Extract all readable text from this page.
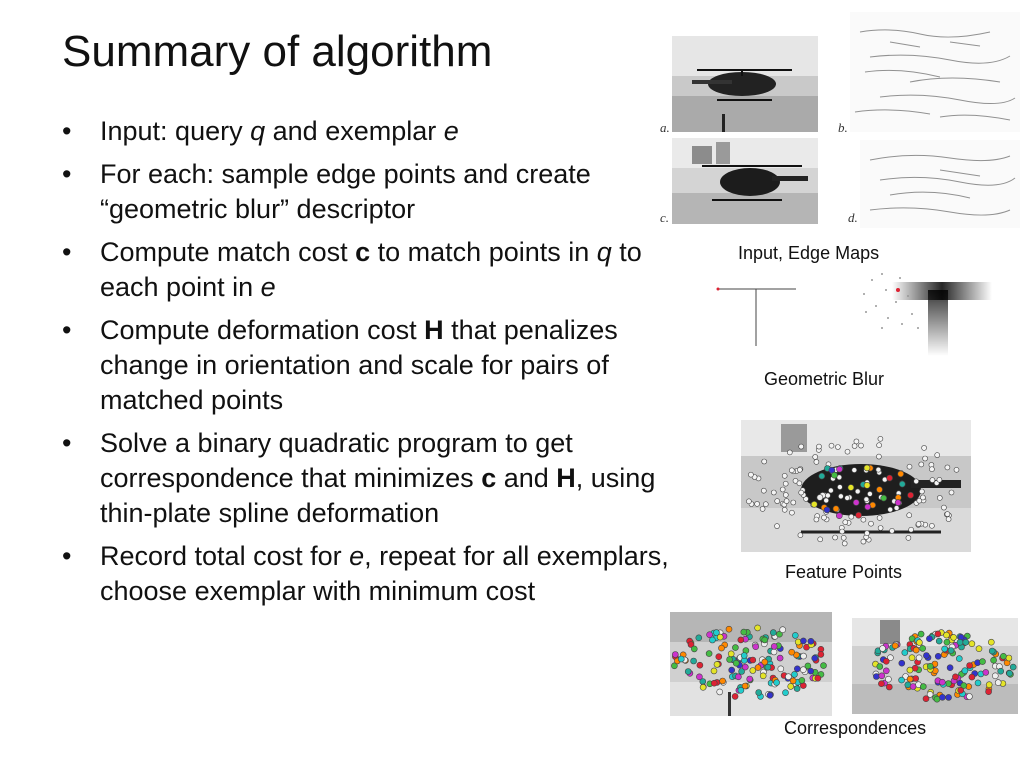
Summary of algorithm
• Input: query q and exemplar e
• For each: sample edge points and create “geometric blur” descriptor
• Compute match cost c to match points in q to each point in e
• Compute deformation cost H that penalizes change in orientation and scale for pairs of matched points
• Solve a binary quadratic program to get correspondence that minimizes c and H, using thin-plate spline deformation
• Record total cost for e, repeat for all exemplars, choose exemplar with minimum cost
a.
c.
b.
d.
Input, Edge Maps
Geometric Blur
Feature Points
Correspondences
